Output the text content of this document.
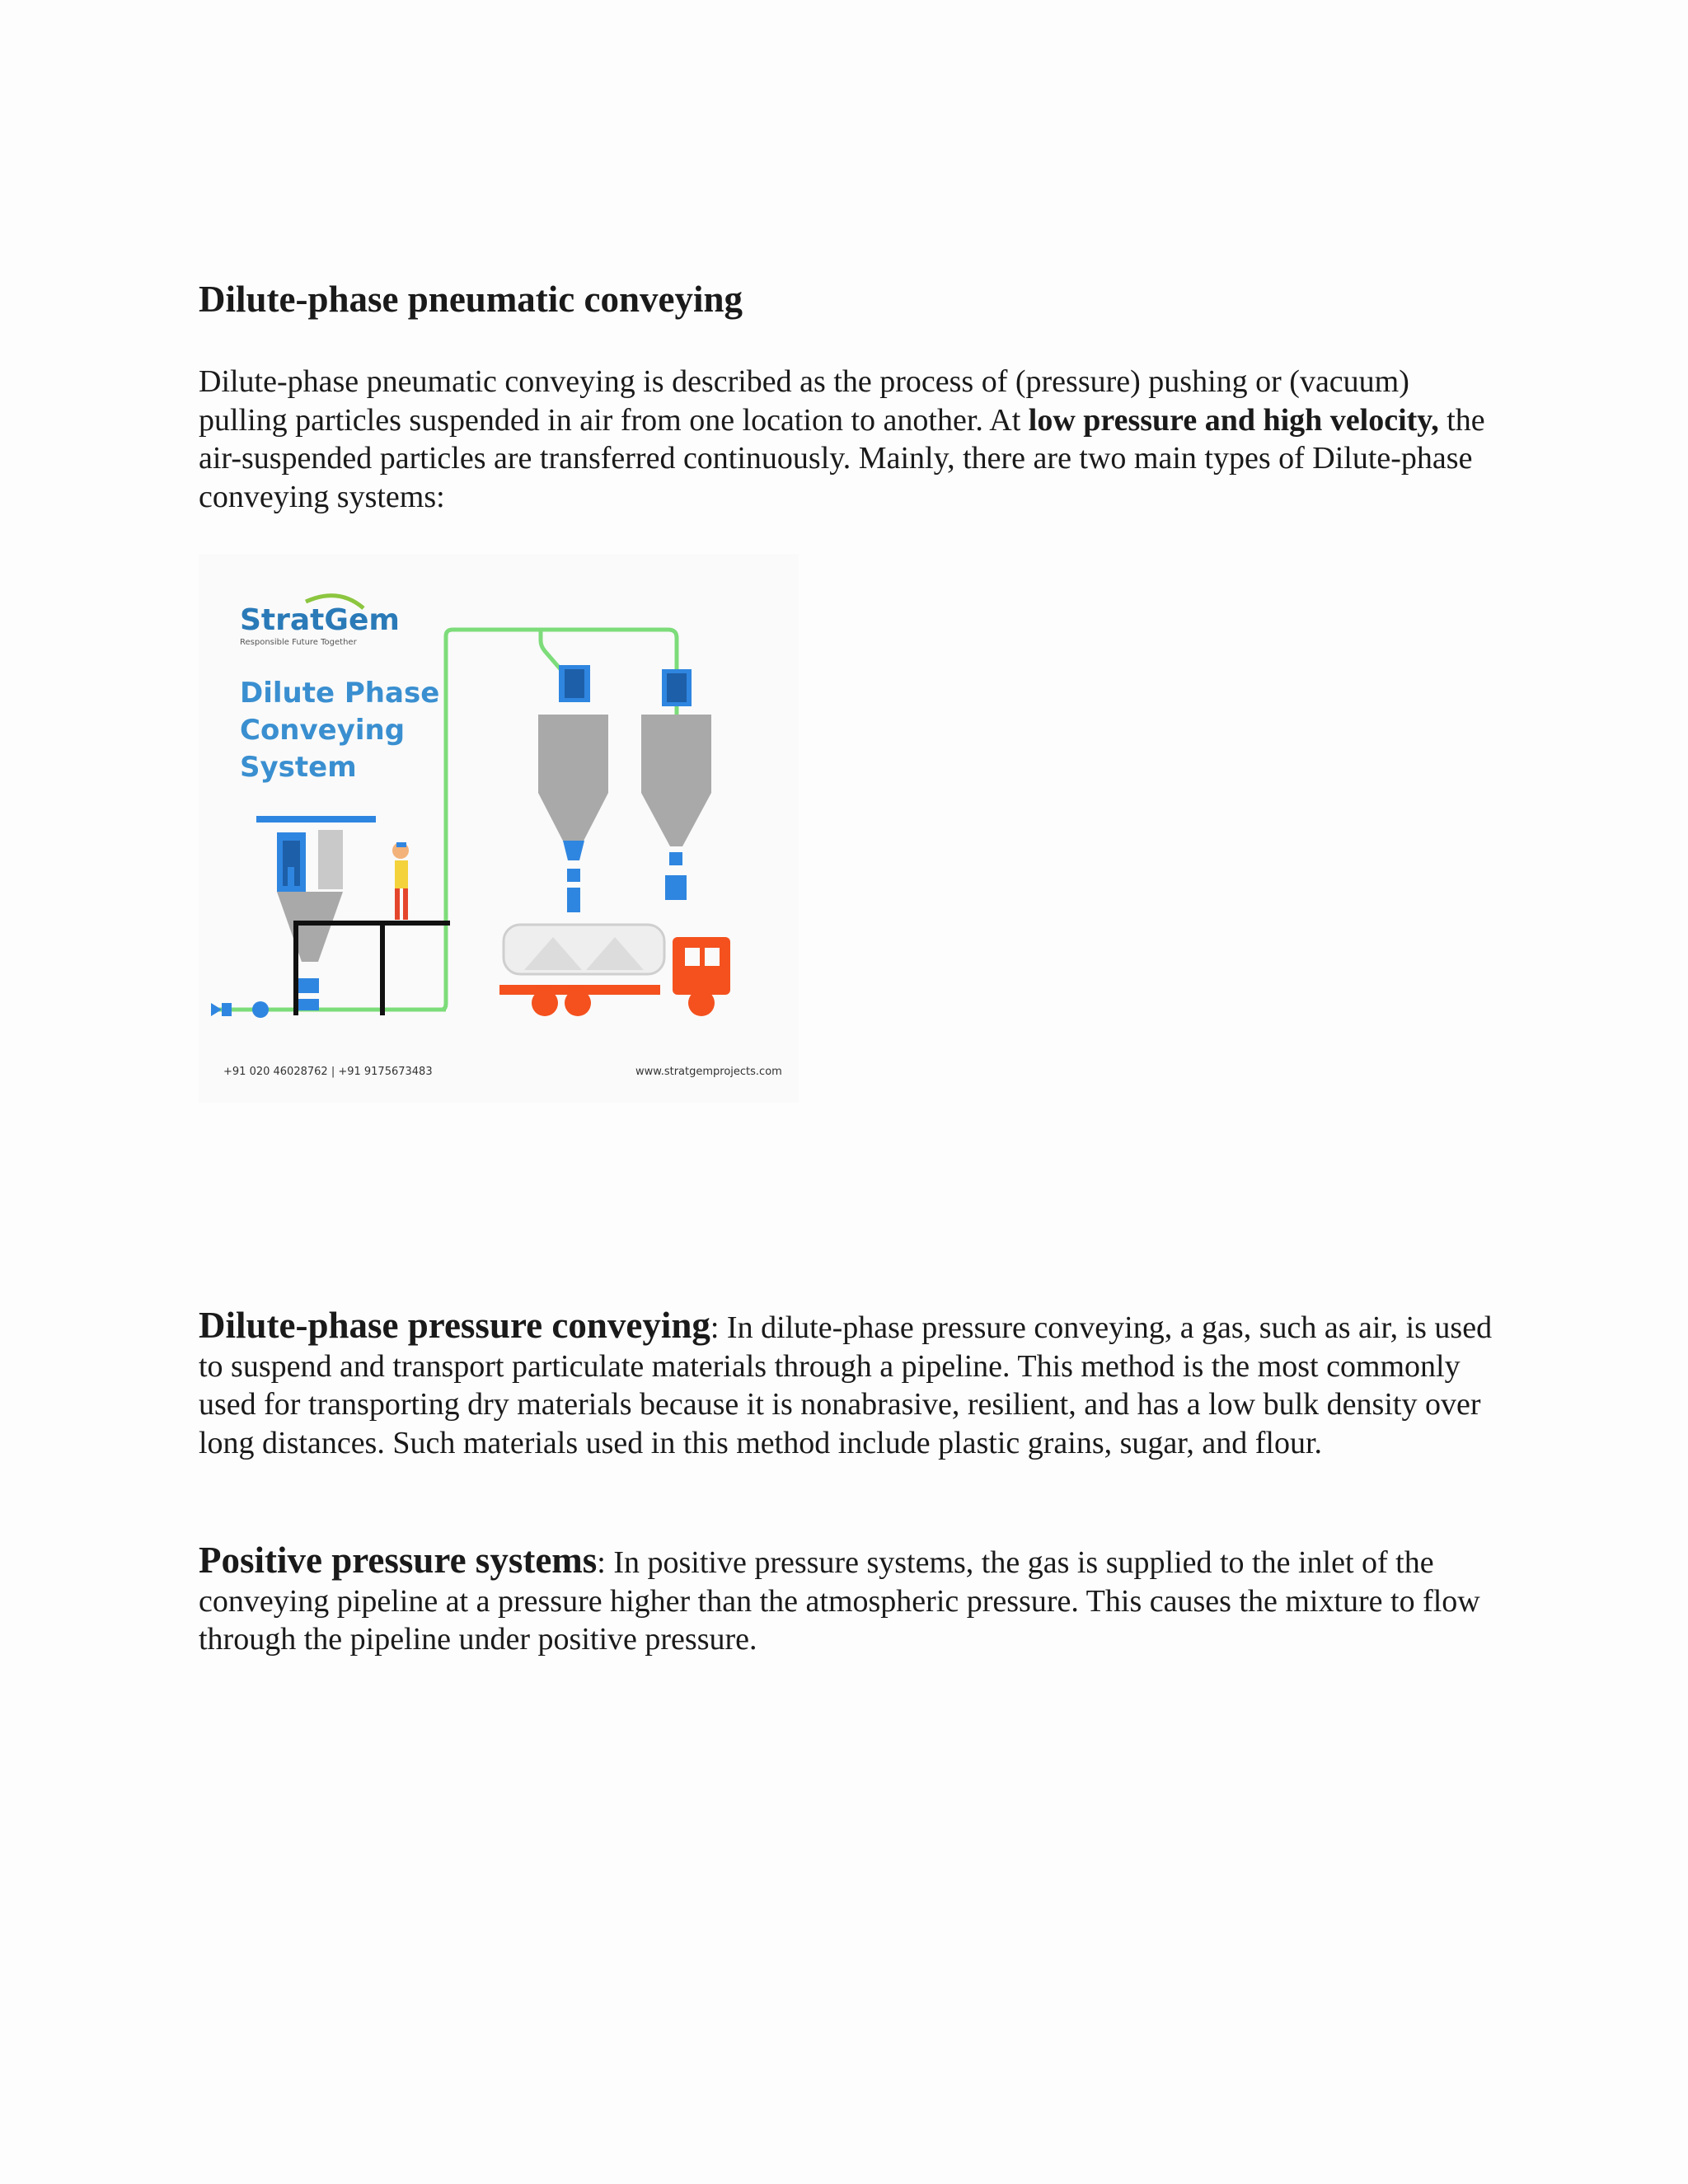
Dilute-phase pneumatic conveying

Dilute-phase pneumatic conveying is described as the process of (pressure) pushing or (vacuum) pulling particles suspended in air from one location to another. At low pressure and high velocity, the air-suspended particles are transferred continuously. Mainly, there are two main types of Dilute-phase conveying systems:

StratGem
Responsible Future Together
Dilute Phase
Conveying
System
+91 020 46028762 | +91 9175673483	www.stratgemprojects.com

Dilute-phase pressure conveying: In dilute-phase pressure conveying, a gas, such as air, is used to suspend and transport particulate materials through a pipeline. This method is the most commonly used for transporting dry materials because it is nonabrasive, resilient, and has a low bulk density over long distances. Such materials used in this method include plastic grains, sugar, and flour.

Positive pressure systems: In positive pressure systems, the gas is supplied to the inlet of the conveying pipeline at a pressure higher than the atmospheric pressure. This causes the mixture to flow through the pipeline under positive pressure.
